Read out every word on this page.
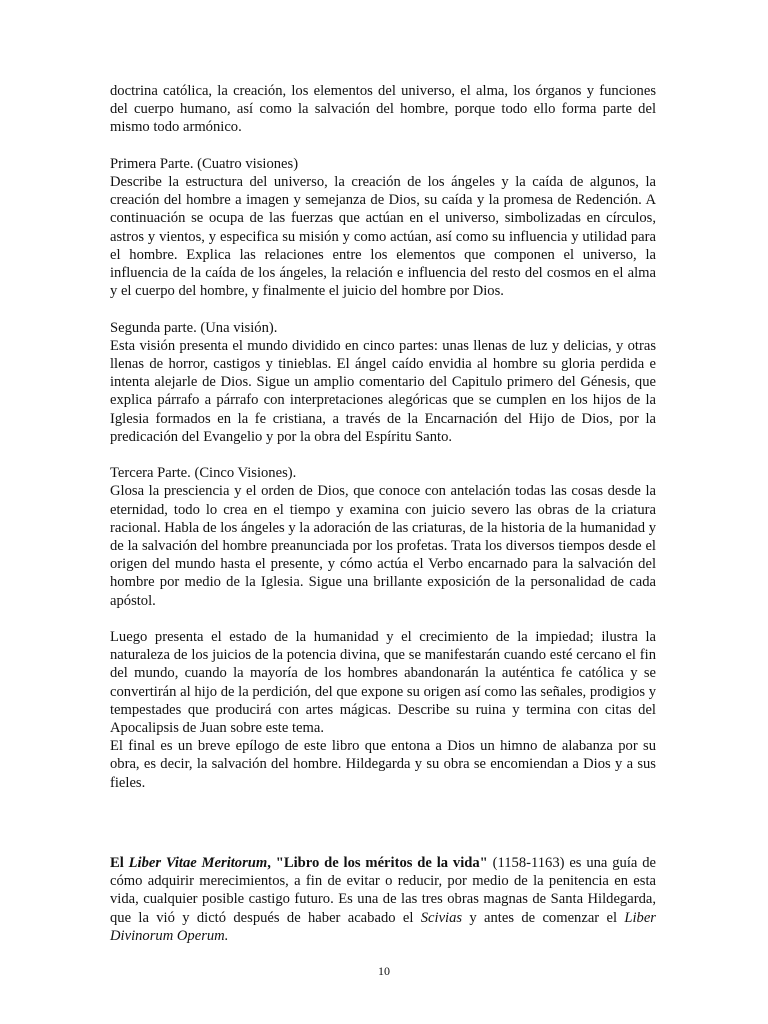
doctrina católica, la creación, los elementos del universo, el alma, los órganos y funciones del cuerpo humano, así como la salvación del hombre, porque todo ello forma parte del mismo todo armónico.

Primera Parte. (Cuatro visiones)
Describe la estructura del universo, la creación de los ángeles y la caída de algunos, la creación del hombre a imagen y semejanza de Dios, su caída y la promesa de Redención. A continuación se ocupa de las fuerzas que actúan en el universo, simbolizadas en círculos, astros y vientos, y especifica su misión y como actúan, así como su influencia y utilidad para el hombre. Explica las relaciones entre los elementos que componen el universo, la influencia de la caída de los ángeles, la relación e influencia del resto del cosmos en el alma y el cuerpo del hombre, y finalmente el juicio del hombre por Dios.

Segunda parte. (Una visión).
Esta visión presenta el mundo dividido en cinco partes: unas llenas de luz y delicias, y otras llenas de horror, castigos y tinieblas. El ángel caído envidia al hombre su gloria perdida e intenta alejarle de Dios. Sigue un amplio comentario del Capitulo primero del Génesis, que explica párrafo a párrafo con interpretaciones alegóricas que se cumplen en los hijos de la Iglesia formados en la fe cristiana, a través de la Encarnación del Hijo de Dios, por la predicación del Evangelio y por la obra del Espíritu Santo.

Tercera Parte. (Cinco Visiones).
Glosa la presciencia y el orden de Dios, que conoce con antelación todas las cosas desde la eternidad, todo lo crea en el tiempo y examina con juicio severo las obras de la criatura racional. Habla de los ángeles y la adoración de las criaturas, de la historia de la humanidad y de la salvación del hombre preanunciada por los profetas. Trata los diversos tiempos desde el origen del mundo hasta el presente, y cómo actúa el Verbo encarnado para la salvación del hombre por medio de la Iglesia. Sigue una brillante exposición de la personalidad de cada apóstol.

Luego presenta el estado de la humanidad y el crecimiento de la impiedad; ilustra la naturaleza de los juicios de la potencia divina, que se manifestarán cuando esté cercano el fin del mundo, cuando la mayoría de los hombres abandonarán la auténtica fe católica y se convertirán al hijo de la perdición, del que expone su origen así como las señales, prodigios y tempestades que producirá con artes mágicas. Describe su ruina y termina con citas del Apocalipsis de Juan sobre este tema.

El final es un breve epílogo de este libro que entona a Dios un himno de alabanza por su obra, es decir, la salvación del hombre. Hildegarda y su obra se encomiendan a Dios y a sus fieles.

El Liber Vitae Meritorum, "Libro de los méritos de la vida" (1158-1163) es una guía de cómo adquirir merecimientos, a fin de evitar o reducir, por medio de la penitencia en esta vida, cualquier posible castigo futuro. Es una de las tres obras magnas de Santa Hildegarda, que la vió y dictó después de haber acabado el Scivias y antes de comenzar el Liber Divinorum Operum.

10
